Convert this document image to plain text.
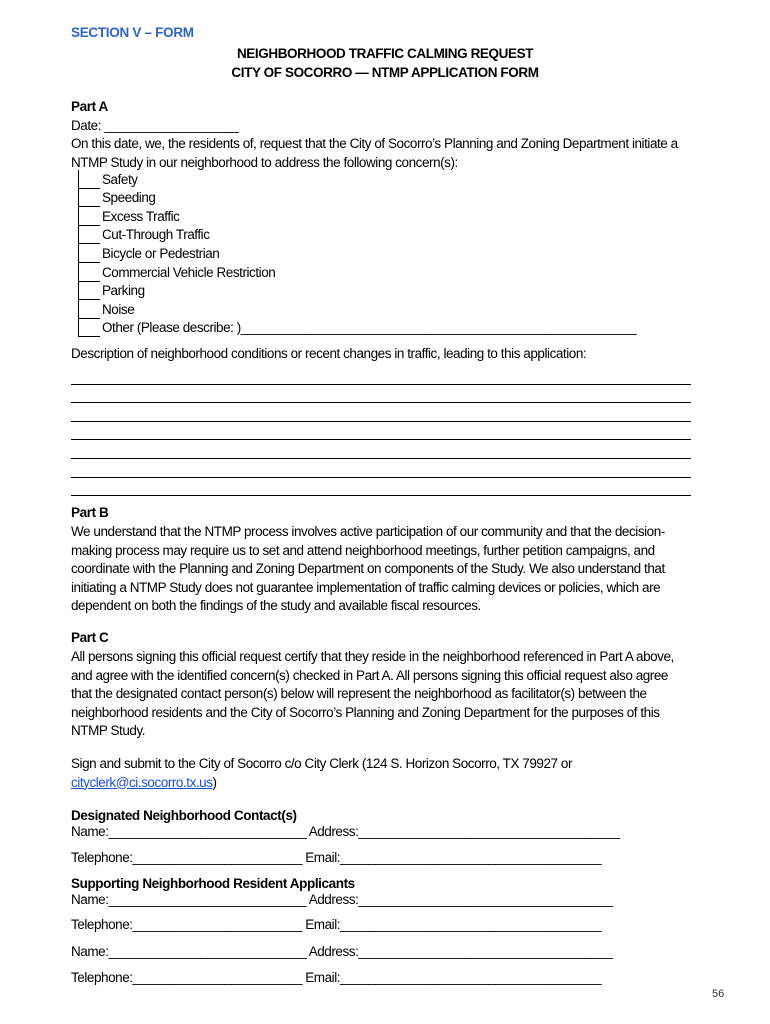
SECTION V – FORM
NEIGHBORHOOD TRAFFIC CALMING REQUEST
CITY OF SOCORRO — NTMP APPLICATION FORM
Part A
Date: ___________________
On this date, we, the residents of, request that the City of Socorro’s Planning and Zoning Department initiate a NTMP Study in our neighborhood to address the following concern(s):
Safety
Speeding
Excess Traffic
Cut-Through Traffic
Bicycle or Pedestrian
Commercial Vehicle Restriction
Parking
Noise
Other (Please describe: )________________________________________________________
Description of neighborhood conditions or recent changes in traffic, leading to this application:
Part B
We understand that the NTMP process involves active participation of our community and that the decision-making process may require us to set and attend neighborhood meetings, further petition campaigns, and coordinate with the Planning and Zoning Department on components of the Study. We also understand that initiating a NTMP Study does not guarantee implementation of traffic calming devices or policies, which are dependent on both the findings of the study and available fiscal resources.
Part C
All persons signing this official request certify that they reside in the neighborhood referenced in Part A above, and agree with the identified concern(s) checked in Part A. All persons signing this official request also agree that the designated contact person(s) below will represent the neighborhood as facilitator(s) between the neighborhood residents and the City of Socorro’s Planning and Zoning Department for the purposes of this NTMP Study.

Sign and submit to the City of Socorro c/o City Clerk (124 S. Horizon Socorro, TX 79927 or

cityclerk@ci.socorro.tx.us)

Designated Neighborhood Contact(s)
Name:____________________________ Address:_____________________________________
Telephone:________________________ Email:_____________________________________
Supporting Neighborhood Resident Applicants
Name:____________________________ Address:____________________________________
Telephone:________________________ Email:_____________________________________
Name:____________________________ Address:____________________________________
Telephone:________________________ Email:_____________________________________
56
